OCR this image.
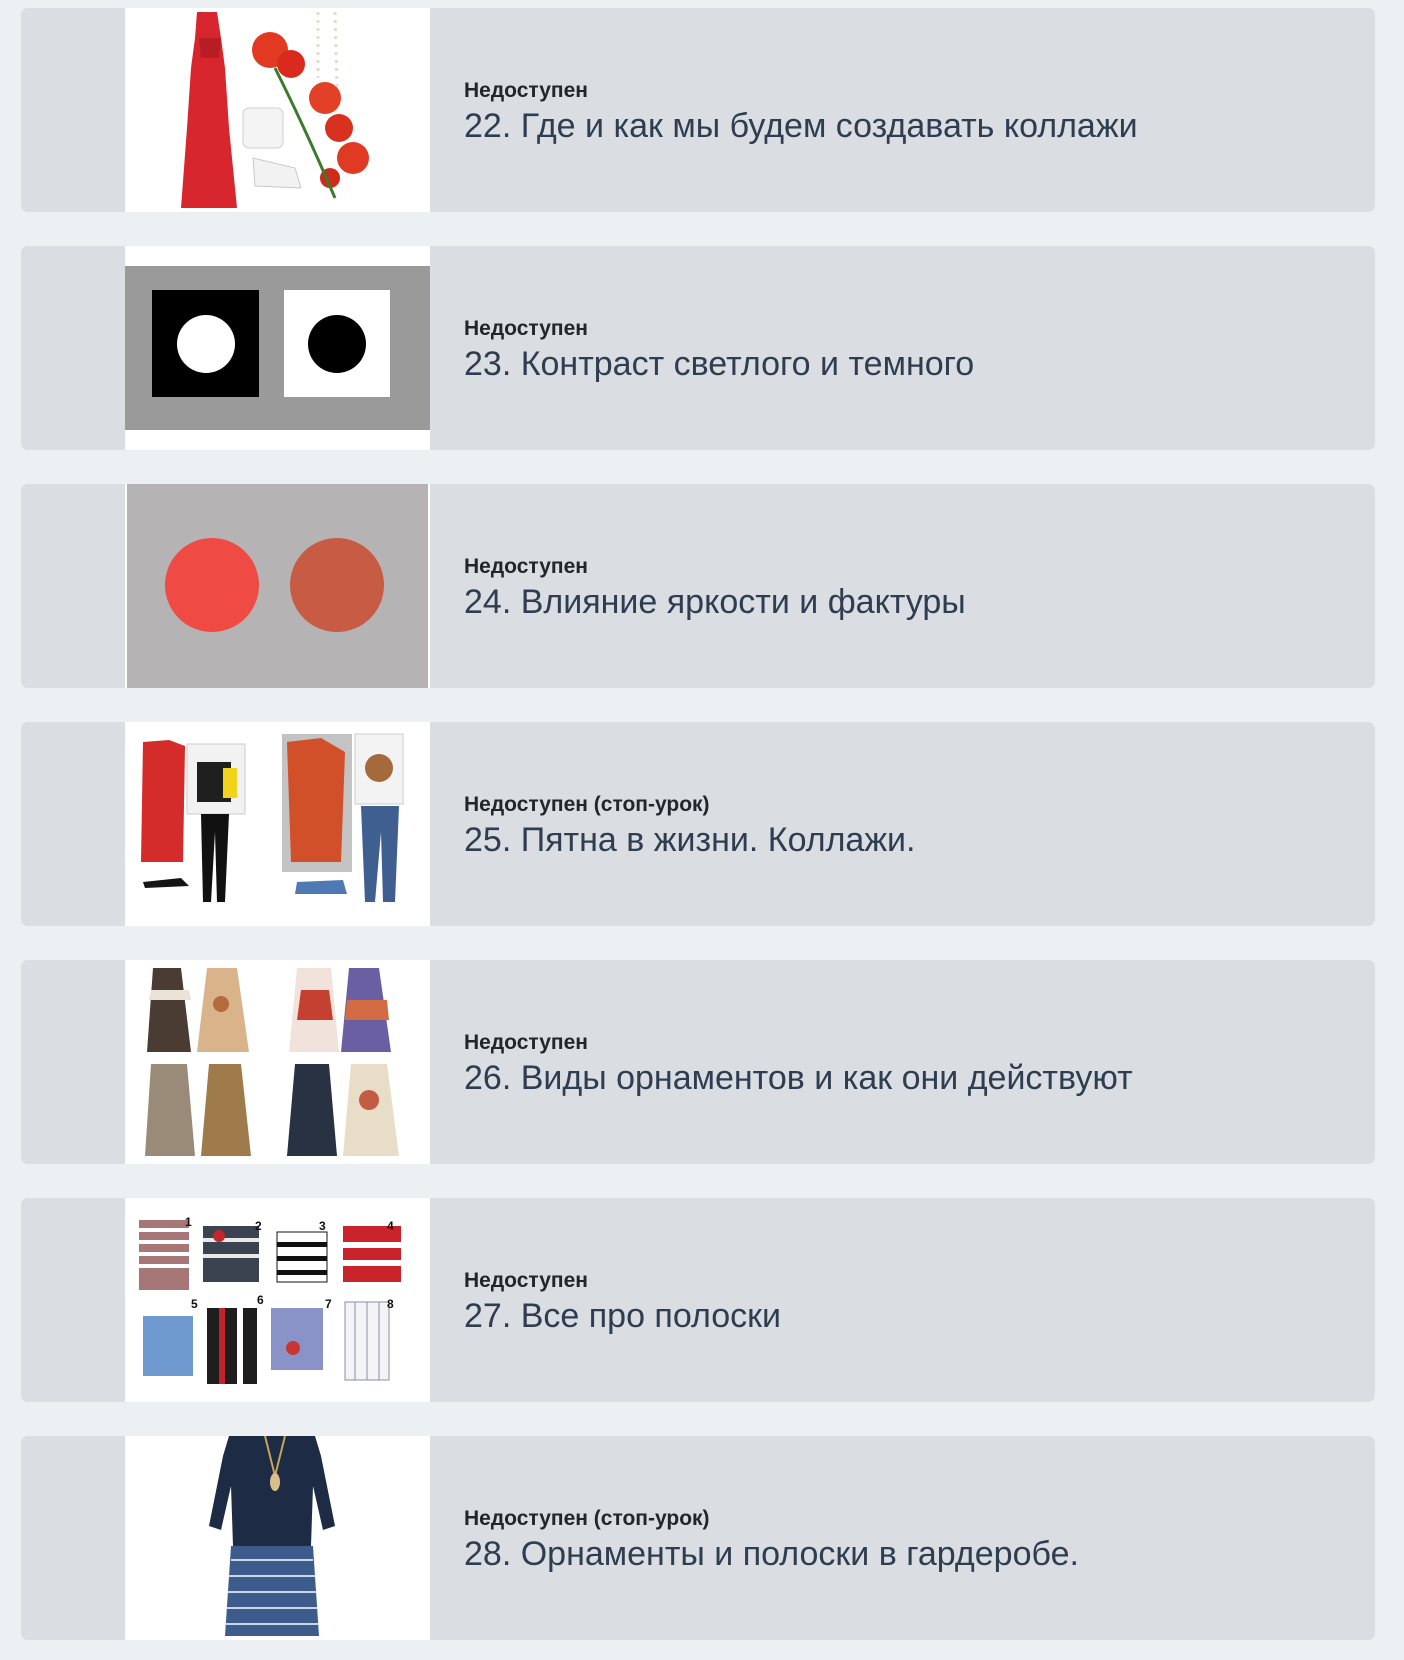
Недоступен

22. Где и как мы будем создавать коллажи

Недоступен

23. Контраст светлого и темного

Недоступен

24. Влияние яркости и фактуры

Недоступен (стоп-урок)

25. Пятна в жизни. Коллажи.

Недоступен

26. Виды орнаментов и как они действуют

1	2	3	4
5	6	7	8

Недоступен

27. Все про полоски

Недоступен (стоп-урок)

28. Орнаменты и полоски в гардеробе.
